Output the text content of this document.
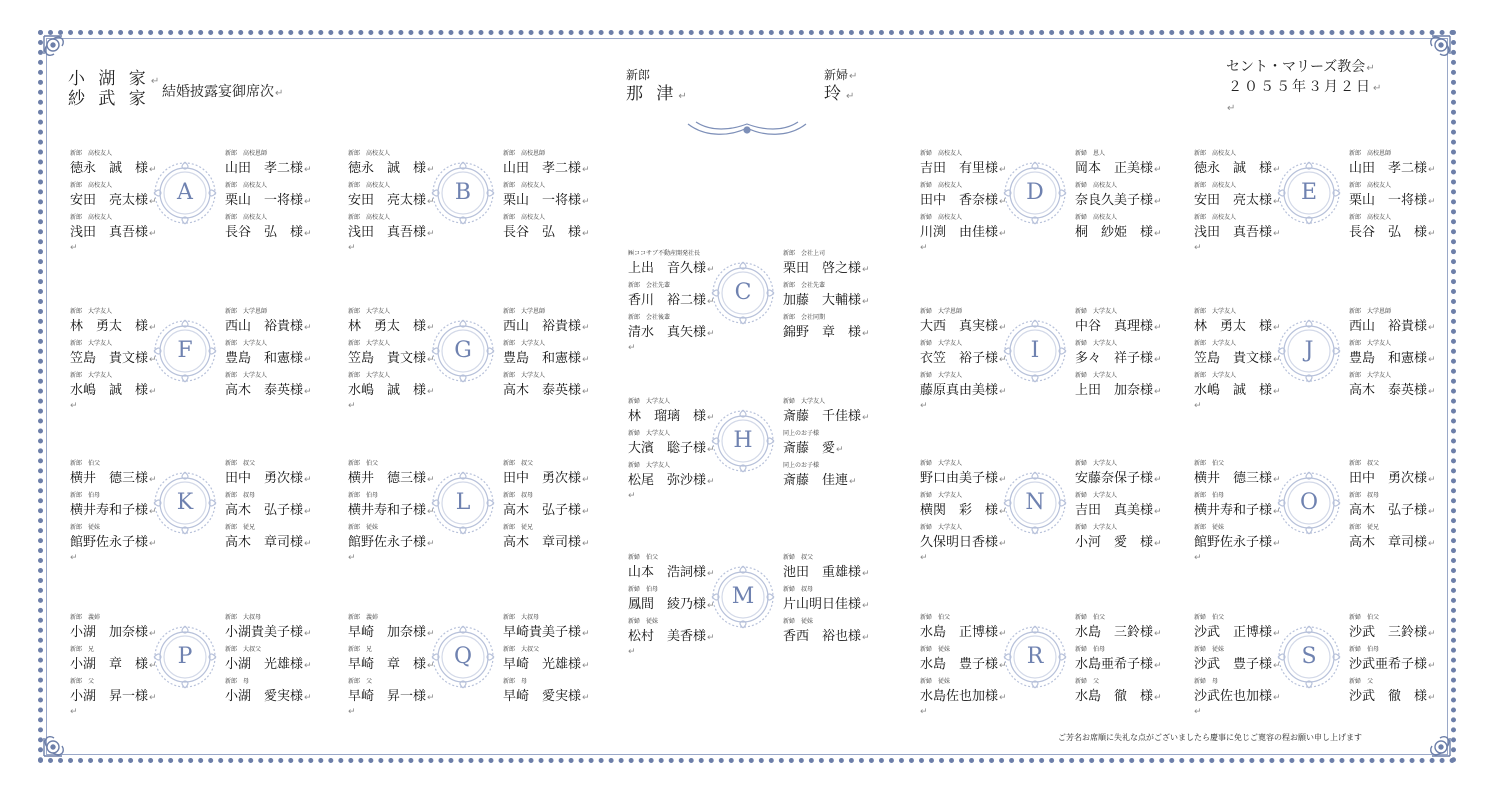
小 湖 家↵
紗 武 家 結婚披露宴御席次↵
新郎
那 津↵
新婦↵
玲↵
セント・マリーズ教会↵
２０５５年３月２日↵
↵
A
新郎　高校友人
徳永　誠　様↵
新郎　高校友人
安田　亮太様↵
新郎　高校友人
浅田　真吾様↵
新郎　高校恩師
山田　孝二様↵
新郎　高校友人
栗山　一将様↵
新郎　高校友人
長谷　弘　様↵
↵
B
新郎　高校友人
徳永　誠　様↵
新郎　高校友人
安田　亮太様↵
新郎　高校友人
浅田　真吾様↵
新郎　高校恩師
山田　孝二様↵
新郎　高校友人
栗山　一将様↵
新郎　高校友人
長谷　弘　様↵
↵
C
㈱ココサブ不動産開発社長
上出　音久様↵
新郎　会社先輩
香川　裕二様↵
新郎　会社後輩
清水　真矢様↵
新郎　会社上司
栗田　啓之様↵
新郎　会社先輩
加藤　大輔様↵
新郎　会社同期
錦野　章　様↵
↵
D
新婦　高校友人
吉田　有里様↵
新婦　高校友人
田中　香奈様↵
新婦　高校友人
川渕　由佳様↵
新婦　恩人
岡本　正美様↵
新婦　高校友人
奈良久美子様↵
新婦　高校友人
桐　紗姫　様↵
↵
E
新郎　高校友人
徳永　誠　様↵
新郎　高校友人
安田　亮太様↵
新郎　高校友人
浅田　真吾様↵
新郎　高校恩師
山田　孝二様↵
新郎　高校友人
栗山　一将様↵
新郎　高校友人
長谷　弘　様↵
↵
F
新郎　大学友人
林　勇太　様↵
新郎　大学友人
笠島　貴文様↵
新郎　大学友人
水嶋　誠　様↵
新郎　大学恩師
西山　裕貴様↵
新郎　大学友人
豊島　和憲様↵
新郎　大学友人
高木　泰英様↵
↵
G
新郎　大学友人
林　勇太　様↵
新郎　大学友人
笠島　貴文様↵
新郎　大学友人
水嶋　誠　様↵
新郎　大学恩師
西山　裕貴様↵
新郎　大学友人
豊島　和憲様↵
新郎　大学友人
高木　泰英様↵
↵
H
新婦　大学友人
林　瑠璃　様↵
新婦　大学友人
大濱　聡子様↵
新婦　大学友人
松尾　弥沙様↵
新婦　大学友人
斎藤　千佳様↵
同上のお子様
斎藤　愛↵
同上のお子様
斎藤　佳連↵
↵
I
新婦　大学恩師
大西　真実様↵
新婦　大学友人
衣笠　裕子様↵
新婦　大学友人
藤原真由美様↵
新婦　大学友人
中谷　真理様↵
新婦　大学友人
多々　祥子様↵
新婦　大学友人
上田　加奈様↵
↵
J
新郎　大学友人
林　勇太　様↵
新郎　大学友人
笠島　貴文様↵
新郎　大学友人
水嶋　誠　様↵
新郎　大学恩師
西山　裕貴様↵
新郎　大学友人
豊島　和憲様↵
新郎　大学友人
高木　泰英様↵
↵
K
新郎　伯父
横井　德三様↵
新郎　伯母
横井寿和子様↵
新郎　従妹
館野佐永子様↵
新郎　叔父
田中　勇次様↵
新郎　叔母
高木　弘子様↵
新郎　従兄
高木　章司様↵
↵
L
新郎　伯父
横井　德三様↵
新郎　伯母
横井寿和子様↵
新郎　従妹
館野佐永子様↵
新郎　叔父
田中　勇次様↵
新郎　叔母
高木　弘子様↵
新郎　従兄
高木　章司様↵
↵
M
新婦　伯父
山本　浩詞様↵
新婦　伯母
鳳間　綾乃様↵
新婦　従妹
松村　美香様↵
新婦　叔父
池田　重雄様↵
新婦　叔母
片山明日佳様↵
新婦　従妹
香西　裕也様↵
↵
N
新婦　大学友人
野口由美子様↵
新婦　大学友人
横関　彩　様↵
新婦　大学友人
久保明日香様↵
新婦　大学友人
安藤奈保子様↵
新婦　大学友人
吉田　真美様↵
新婦　大学友人
小河　愛　様↵
↵
O
新郎　伯父
横井　德三様↵
新郎　伯母
横井寿和子様↵
新郎　従妹
館野佐永子様↵
新郎　叔父
田中　勇次様↵
新郎　叔母
高木　弘子様↵
新郎　従兄
高木　章司様↵
↵
P
新郎　義姉
小湖　加奈様↵
新郎　兄
小湖　章　様↵
新郎　父
小湖　昇一様↵
新郎　大叔母
小湖貴美子様↵
新郎　大叔父
小湖　光雄様↵
新郎　母
小湖　愛実様↵
↵
Q
新郎　義姉
早崎　加奈様↵
新郎　兄
早崎　章　様↵
新郎　父
早崎　昇一様↵
新郎　大叔母
早崎貴美子様↵
新郎　大叔父
早崎　光雄様↵
新郎　母
早崎　愛実様↵
↵
R
新婦　伯父
水島　正博様↵
新婦　従妹
水島　豊子様↵
新婦　従妹
水島佐也加様↵
新婦　伯父
水島　三鈴様↵
新婦　伯母
水島亜希子様↵
新婦　父
水島　徹　様↵
↵
S
新婦　伯父
沙武　正博様↵
新婦　従妹
沙武　豊子様↵
新婦　母
沙武佐也加様↵
新婦　伯父
沙武　三鈴様↵
新婦　伯母
沙武亜希子様↵
新婦　父
沙武　徹　様↵
↵
ご芳名お席順に失礼な点がございましたら慶事に免じご寛容の程お願い申し上げます
